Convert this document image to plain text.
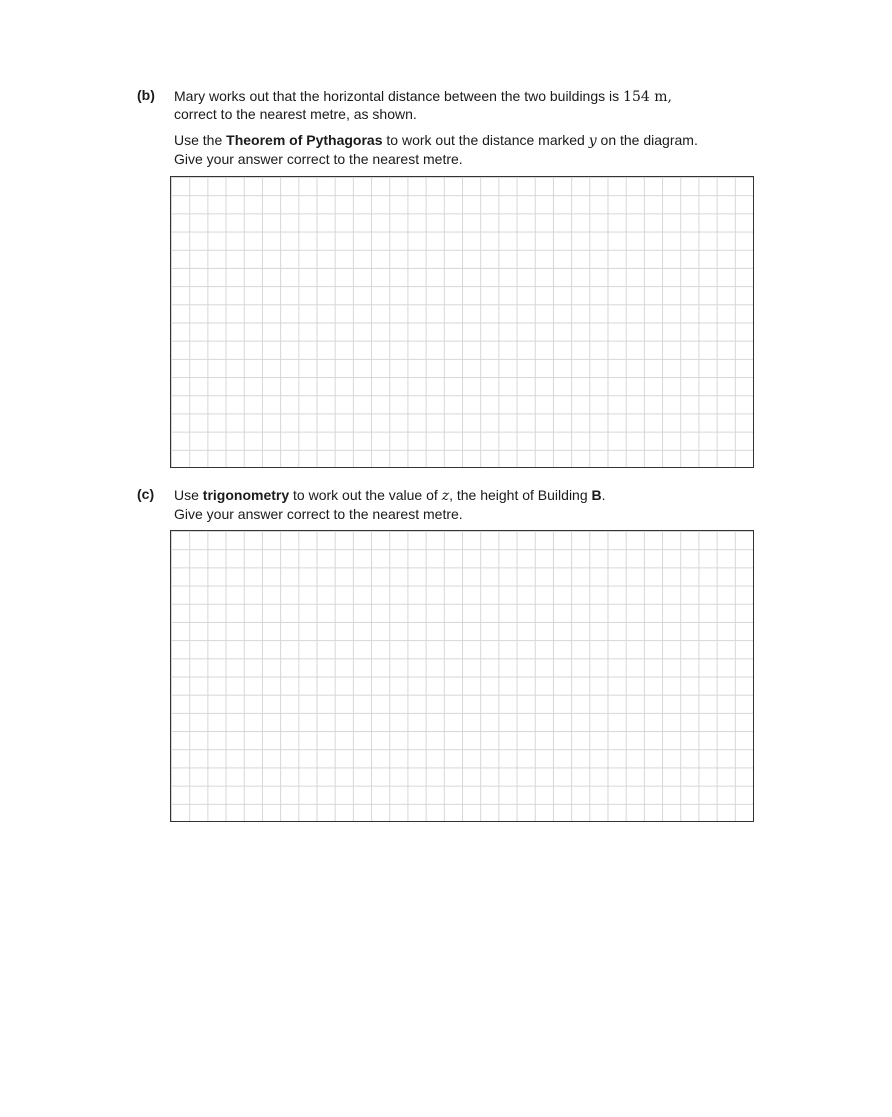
(b) Mary works out that the horizontal distance between the two buildings is 154 m,
correct to the nearest metre, as shown.
Use the Theorem of Pythagoras to work out the distance marked y on the diagram.
Give your answer correct to the nearest metre.
(c) Use trigonometry to work out the value of z, the height of Building B.
Give your answer correct to the nearest metre.
